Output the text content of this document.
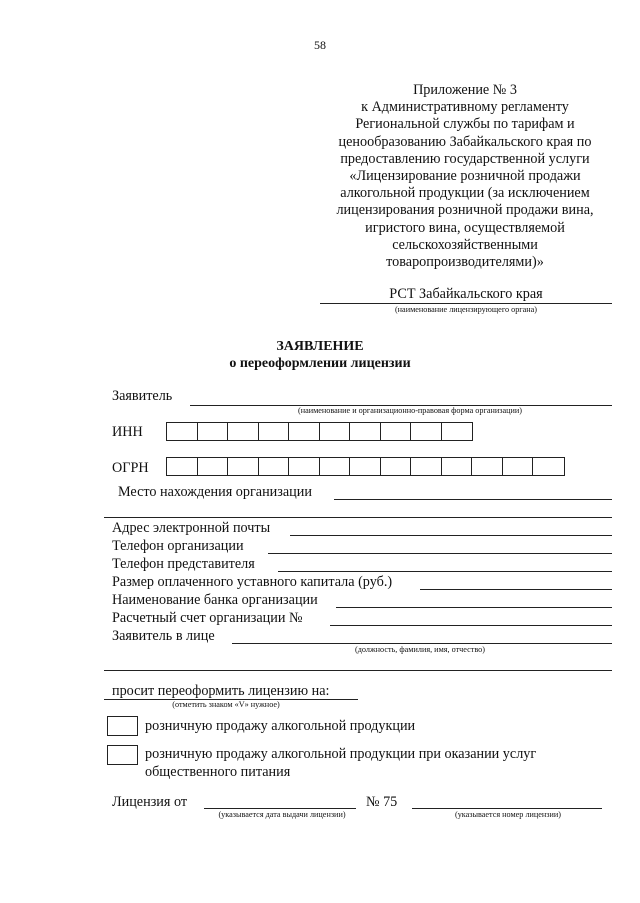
58
Приложение № 3
к Административному регламенту
Региональной службы по тарифам и
ценообразованию Забайкальского края по
предоставлению государственной услуги
«Лицензирование розничной продажи
алкогольной продукции (за исключением
лицензирования розничной продажи вина,
игристого вина, осуществляемой
сельскохозяйственными
товаропроизводителями)»
РСТ Забайкальского края
(наименование лицензирующего органа)
ЗАЯВЛЕНИЕ
о переоформлении лицензии
Заявитель
(наименование и организационно-правовая форма организации)
ИНН
ОГРН
Место нахождения организации
Адрес электронной почты
Телефон организации
Телефон представителя
Размер оплаченного уставного капитала (руб.)
Наименование банка организации
Расчетный счет организации №
Заявитель в лице
(должность, фамилия, имя, отчество)
просит переоформить лицензию на:
(отметить знаком «V» нужное)
розничную продажу алкогольной продукции
розничную продажу алкогольной продукции при оказании услуг
общественного питания
Лицензия от	№ 75
(указывается дата выдачи лицензии)	(указывается номер лицензии)
